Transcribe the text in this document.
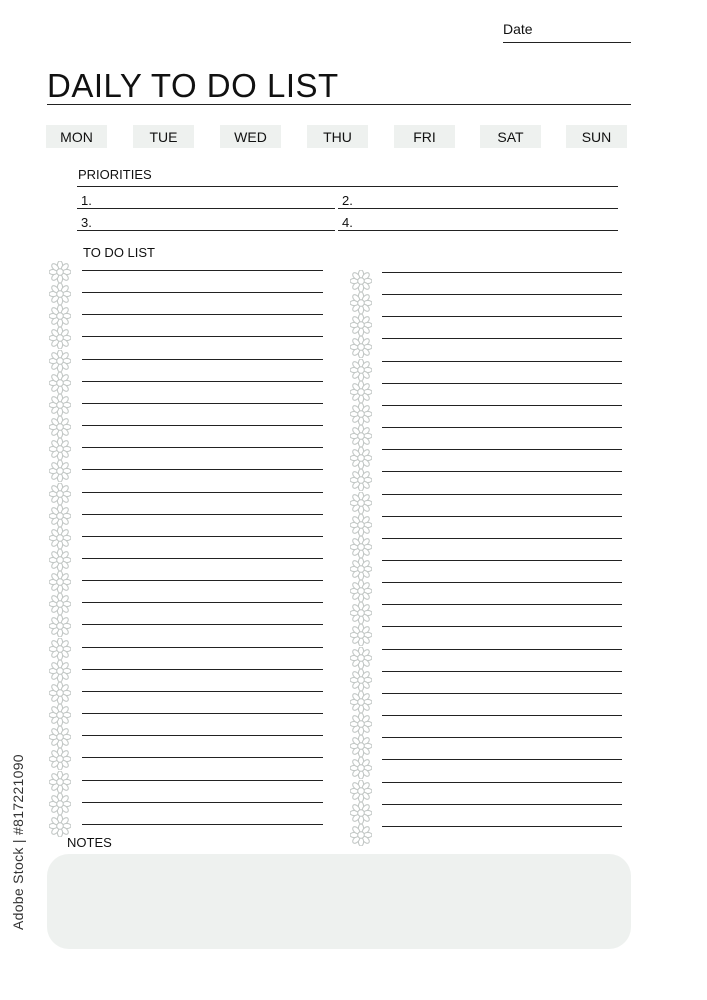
Date
DAILY TO DO LIST
MON	TUE	WED	THU	FRI	SAT	SUN
PRIORITIES
1.	2.
3.	4.
TO DO LIST
NOTES
Adobe Stock | #817221090
